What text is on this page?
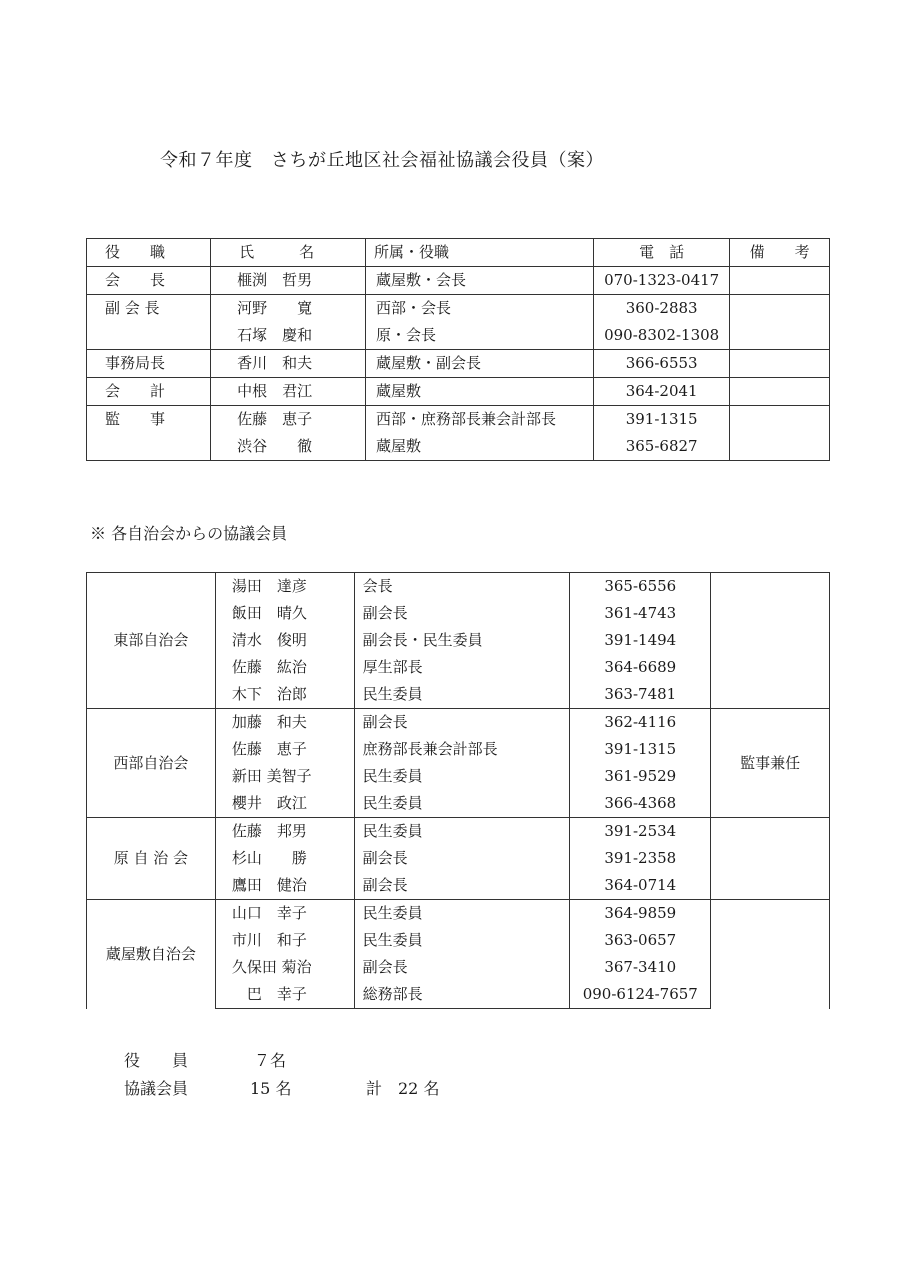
令和７年度　さちが丘地区社会福祉協議会役員（案）
役　　職	氏　　　名	所属・役職	電　話	備　　考
会　　長	榧渕　哲男	蔵屋敷・会長	070-1323-0417	
副 会 長	河野　　寛	西部・会長	360-2883	
	石塚　慶和	原・会長	090-8302-1308	
事務局長	香川　和夫	蔵屋敷・副会長	366-6553	
会　　計	中根　君江	蔵屋敷	364-2041	
監　　事	佐藤　恵子	西部・庶務部長兼会計部長	391-1315	
	渋谷　　徹	蔵屋敷	365-6827	
※ 各自治会からの協議会員
東部自治会	湯田　達彦	会長	365-6556	
	飯田　晴久	副会長	361-4743	
	清水　俊明	副会長・民生委員	391-1494	
	佐藤　紘治	厚生部長	364-6689	
	木下　治郎	民生委員	363-7481	
西部自治会	加藤　和夫	副会長	362-4116	監事兼任
	佐藤　恵子	庶務部長兼会計部長	391-1315	
	新田 美智子	民生委員	361-9529	
	櫻井　政江	民生委員	366-4368	
原 自 治 会	佐藤　邦男	民生委員	391-2534	
	杉山　　勝	副会長	391-2358	
	鷹田　健治	副会長	364-0714	
蔵屋敷自治会	山口　幸子	民生委員	364-9859	
	市川　和子	民生委員	363-0657	
	久保田 菊治	副会長	367-3410	
	　巴　幸子	総務部長	090-6124-7657	
役　　員	７名
協議会員	15 名	計　22 名
